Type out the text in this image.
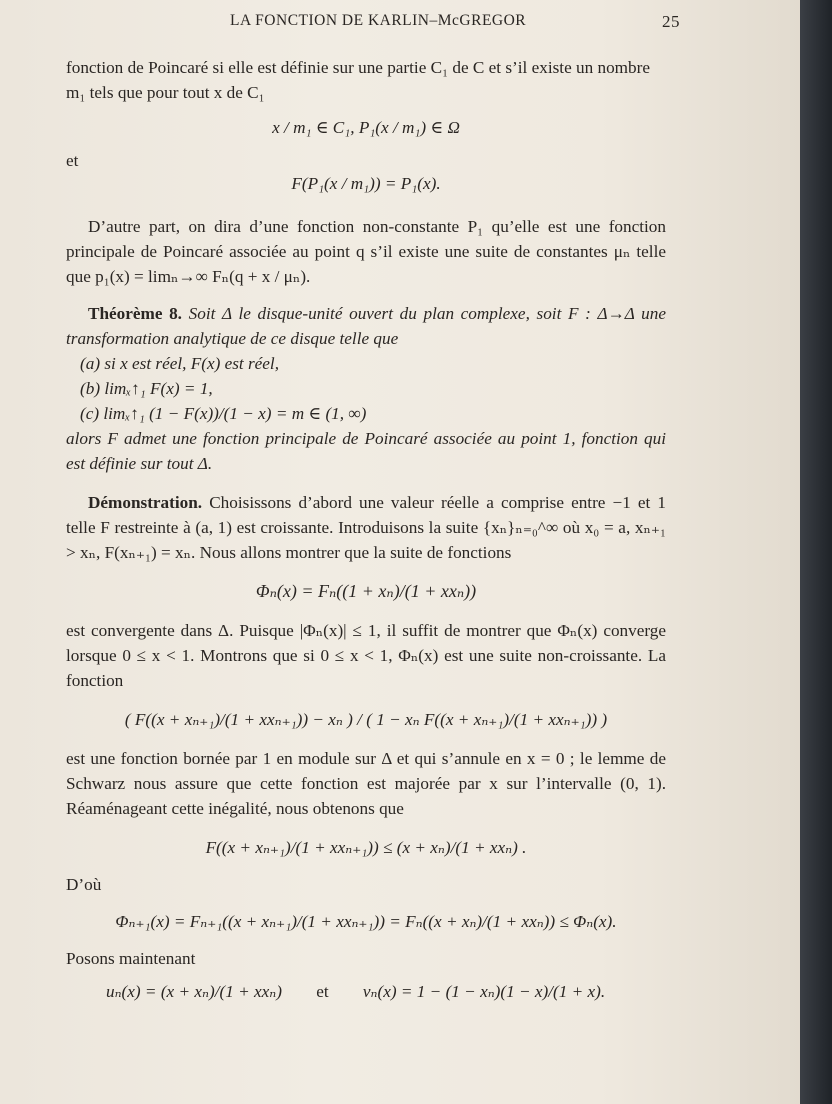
LA FONCTION DE KARLIN–McGREGOR	25

fonction de Poincaré si elle est définie sur une partie C₁ de C et s’il existe un nombre

m₁ tels que pour tout x de C₁

x / m₁ ∈ C₁, P₁(x / m₁) ∈ Ω

et

F(P₁(x / m₁)) = P₁(x).

D’autre part, on dira d’une fonction non-constante P₁ qu’elle est une fonction principale de Poincaré associée au point q s’il existe une suite de constantes μₙ telle que p₁(x) = limₙ→∞ Fₙ(q + x / μₙ).

Théorème 8. Soit Δ le disque-unité ouvert du plan complexe, soit F : Δ→Δ une transformation analytique de ce disque telle que

(a) si x est réel, F(x) est réel,

(b) limₓ↑₁ F(x) = 1,

(c) limₓ↑₁ (1 − F(x))/(1 − x) = m ∈ (1, ∞)

alors F admet une fonction principale de Poincaré associée au point 1, fonction qui est définie sur tout Δ.

Démonstration. Choisissons d’abord une valeur réelle a comprise entre −1 et 1 telle F restreinte à (a, 1) est croissante. Introduisons la suite {xₙ}ₙ₌₀^∞ où x₀ = a, xₙ₊₁ > xₙ, F(xₙ₊₁) = xₙ. Nous allons montrer que la suite de fonctions

Φₙ(x) = Fₙ((1 + xₙ)/(1 + xxₙ))

est convergente dans Δ. Puisque |Φₙ(x)| ≤ 1, il suffit de montrer que Φₙ(x) converge lorsque 0 ≤ x < 1. Montrons que si 0 ≤ x < 1, Φₙ(x) est une suite non-croissante. La fonction

( F((x + xₙ₊₁)/(1 + xxₙ₊₁)) − xₙ ) / ( 1 − xₙ F((x + xₙ₊₁)/(1 + xxₙ₊₁)) )

est une fonction bornée par 1 en module sur Δ et qui s’annule en x = 0 ; le lemme de Schwarz nous assure que cette fonction est majorée par x sur l’intervalle (0, 1). Réaménageant cette inégalité, nous obtenons que

F((x + xₙ₊₁)/(1 + xxₙ₊₁)) ≤ (x + xₙ)/(1 + xxₙ) .

D’où

Φₙ₊₁(x) = Fₙ₊₁((x + xₙ₊₁)/(1 + xxₙ₊₁)) = Fₙ((x + xₙ)/(1 + xxₙ)) ≤ Φₙ(x).

Posons maintenant

uₙ(x) = (x + xₙ)/(1 + xxₙ) et vₙ(x) = 1 − (1 − xₙ)(1 − x)/(1 + x).
